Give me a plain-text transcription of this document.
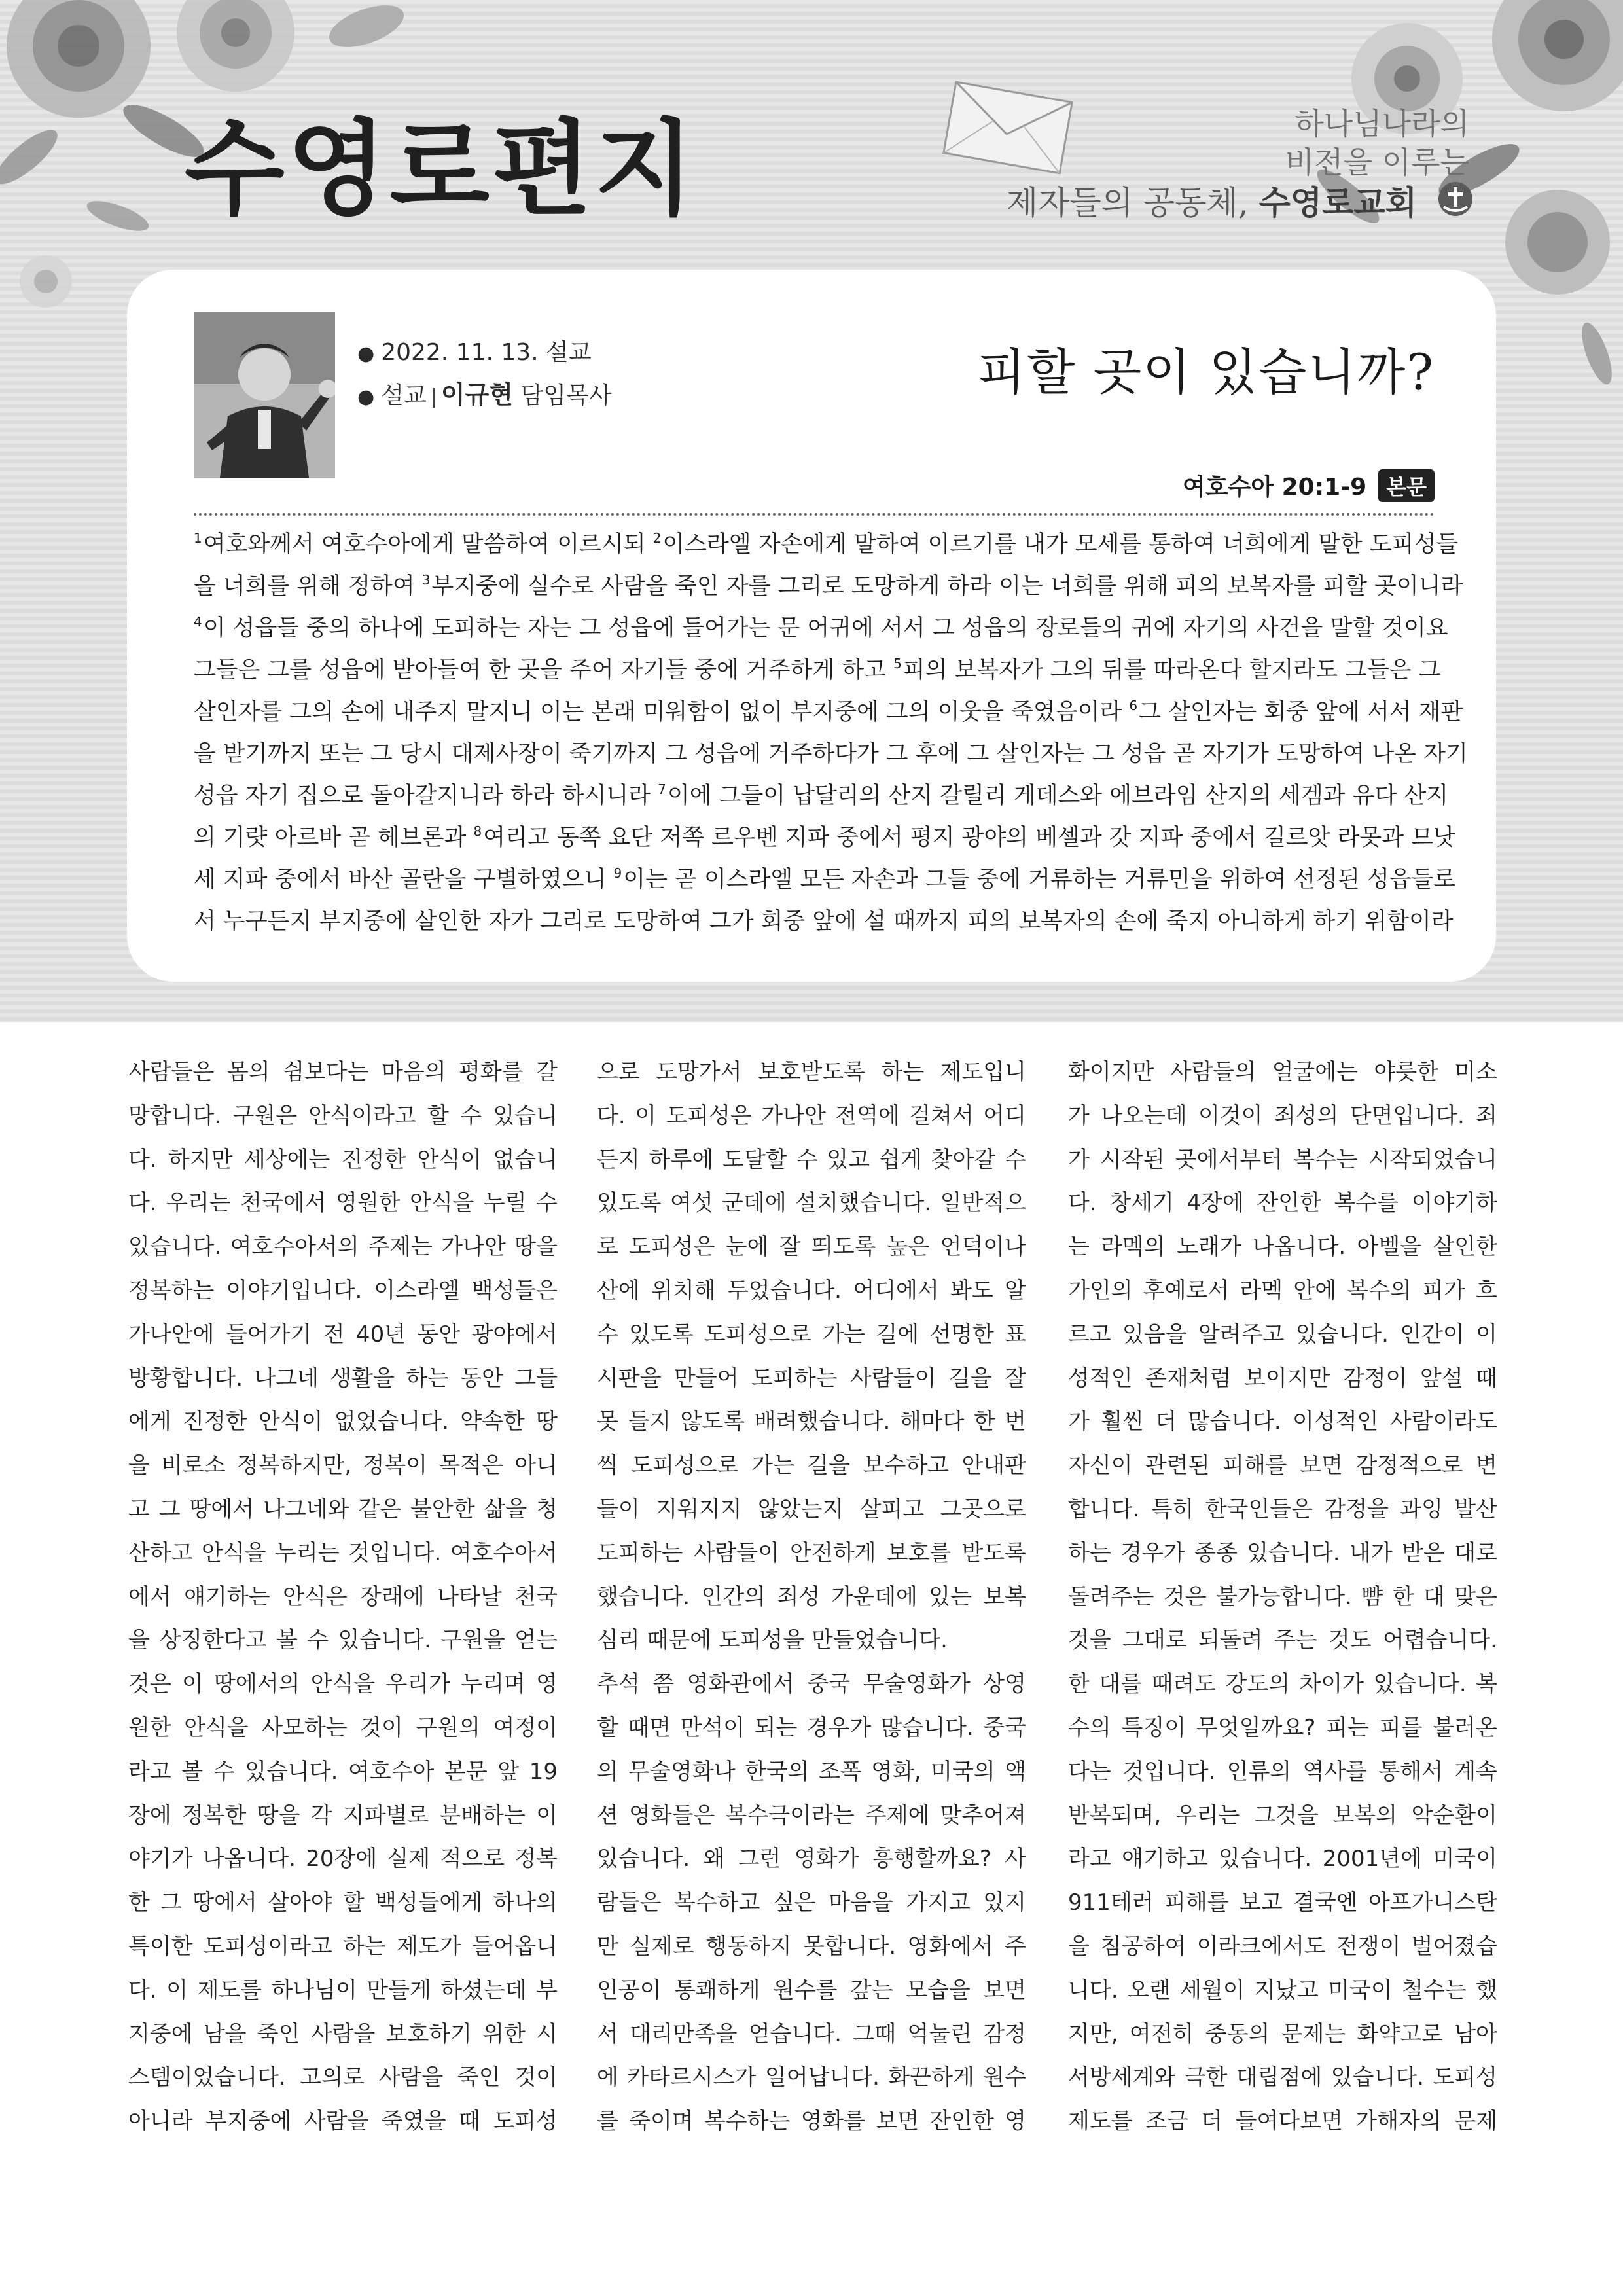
수영로편지	하나님나라의
비전을 이루는
제자들의 공동체, 수영로교회
● 2022. 11. 13. 설교
● 설교 | 이규현 담임목사	피할 곳이 있습니까?
여호수아 20:1-9 본문
$^1$여호와께서 여호수아에게 말씀하여 이르시되 $^2$이스라엘 자손에게 말하여 이르기를 내가 모세를 통하여 너희에게 말한 도피성들
을 너희를 위해 정하여 $^3$부지중에 실수로 사람을 죽인 자를 그리로 도망하게 하라 이는 너희를 위해 피의 보복자를 피할 곳이니라
$^4$이 성읍들 중의 하나에 도피하는 자는 그 성읍에 들어가는 문 어귀에 서서 그 성읍의 장로들의 귀에 자기의 사건을 말할 것이요
그들은 그를 성읍에 받아들여 한 곳을 주어 자기들 중에 거주하게 하고 $^5$피의 보복자가 그의 뒤를 따라온다 할지라도 그들은 그
살인자를 그의 손에 내주지 말지니 이는 본래 미워함이 없이 부지중에 그의 이웃을 죽였음이라 $^6$그 살인자는 회중 앞에 서서 재판
을 받기까지 또는 그 당시 대제사장이 죽기까지 그 성읍에 거주하다가 그 후에 그 살인자는 그 성읍 곧 자기가 도망하여 나온 자기
성읍 자기 집으로 돌아갈지니라 하라 하시니라 $^7$이에 그들이 납달리의 산지 갈릴리 게데스와 에브라임 산지의 세겜과 유다 산지
의 기럇 아르바 곧 헤브론과 $^8$여리고 동쪽 요단 저쪽 르우벤 지파 중에서 평지 광야의 베셀과 갓 지파 중에서 길르앗 라못과 므낫
세 지파 중에서 바산 골란을 구별하였으니 $^9$이는 곧 이스라엘 모든 자손과 그들 중에 거류하는 거류민을 위하여 선정된 성읍들로
서 누구든지 부지중에 살인한 자가 그리로 도망하여 그가 회중 앞에 설 때까지 피의 보복자의 손에 죽지 아니하게 하기 위함이라
사람들은 몸의 쉼보다는 마음의 평화를 갈
망합니다. 구원은 안식이라고 할 수 있습니
다. 하지만 세상에는 진정한 안식이 없습니
다. 우리는 천국에서 영원한 안식을 누릴 수
있습니다. 여호수아서의 주제는 가나안 땅을
정복하는 이야기입니다. 이스라엘 백성들은
가나안에 들어가기 전 40년 동안 광야에서
방황합니다. 나그네 생활을 하는 동안 그들
에게 진정한 안식이 없었습니다. 약속한 땅
을 비로소 정복하지만, 정복이 목적은 아니
고 그 땅에서 나그네와 같은 불안한 삶을 청
산하고 안식을 누리는 것입니다. 여호수아서
에서 얘기하는 안식은 장래에 나타날 천국
을 상징한다고 볼 수 있습니다. 구원을 얻는
것은 이 땅에서의 안식을 우리가 누리며 영
원한 안식을 사모하는 것이 구원의 여정이
라고 볼 수 있습니다. 여호수아 본문 앞 19
장에 정복한 땅을 각 지파별로 분배하는 이
야기가 나옵니다. 20장에 실제 적으로 정복
한 그 땅에서 살아야 할 백성들에게 하나의
특이한 도피성이라고 하는 제도가 들어옵니
다. 이 제도를 하나님이 만들게 하셨는데 부
지중에 남을 죽인 사람을 보호하기 위한 시
스템이었습니다. 고의로 사람을 죽인 것이
아니라 부지중에 사람을 죽였을 때 도피성
으로 도망가서 보호받도록 하는 제도입니
다. 이 도피성은 가나안 전역에 걸쳐서 어디
든지 하루에 도달할 수 있고 쉽게 찾아갈 수
있도록 여섯 군데에 설치했습니다. 일반적으
로 도피성은 눈에 잘 띄도록 높은 언덕이나
산에 위치해 두었습니다. 어디에서 봐도 알
수 있도록 도피성으로 가는 길에 선명한 표
시판을 만들어 도피하는 사람들이 길을 잘
못 들지 않도록 배려했습니다. 해마다 한 번
씩 도피성으로 가는 길을 보수하고 안내판
들이 지워지지 않았는지 살피고 그곳으로
도피하는 사람들이 안전하게 보호를 받도록
했습니다. 인간의 죄성 가운데에 있는 보복
심리 때문에 도피성을 만들었습니다.
추석 쯤 영화관에서 중국 무술영화가 상영
할 때면 만석이 되는 경우가 많습니다. 중국
의 무술영화나 한국의 조폭 영화, 미국의 액
션 영화들은 복수극이라는 주제에 맞추어져
있습니다. 왜 그런 영화가 흥행할까요? 사
람들은 복수하고 싶은 마음을 가지고 있지
만 실제로 행동하지 못합니다. 영화에서 주
인공이 통쾌하게 원수를 갚는 모습을 보면
서 대리만족을 얻습니다. 그때 억눌린 감정
에 카타르시스가 일어납니다. 화끈하게 원수
를 죽이며 복수하는 영화를 보면 잔인한 영
화이지만 사람들의 얼굴에는 야릇한 미소
가 나오는데 이것이 죄성의 단면입니다. 죄
가 시작된 곳에서부터 복수는 시작되었습니
다. 창세기 4장에 잔인한 복수를 이야기하
는 라멕의 노래가 나옵니다. 아벨을 살인한
가인의 후예로서 라멕 안에 복수의 피가 흐
르고 있음을 알려주고 있습니다. 인간이 이
성적인 존재처럼 보이지만 감정이 앞설 때
가 훨씬 더 많습니다. 이성적인 사람이라도
자신이 관련된 피해를 보면 감정적으로 변
합니다. 특히 한국인들은 감정을 과잉 발산
하는 경우가 종종 있습니다. 내가 받은 대로
돌려주는 것은 불가능합니다. 뺨 한 대 맞은
것을 그대로 되돌려 주는 것도 어렵습니다.
한 대를 때려도 강도의 차이가 있습니다. 복
수의 특징이 무엇일까요? 피는 피를 불러온
다는 것입니다. 인류의 역사를 통해서 계속
반복되며, 우리는 그것을 보복의 악순환이
라고 얘기하고 있습니다. 2001년에 미국이
911테러 피해를 보고 결국엔 아프가니스탄
을 침공하여 이라크에서도 전쟁이 벌어졌습
니다. 오랜 세월이 지났고 미국이 철수는 했
지만, 여전히 중동의 문제는 화약고로 남아
서방세계와 극한 대립점에 있습니다. 도피성
제도를 조금 더 들여다보면 가해자의 문제
